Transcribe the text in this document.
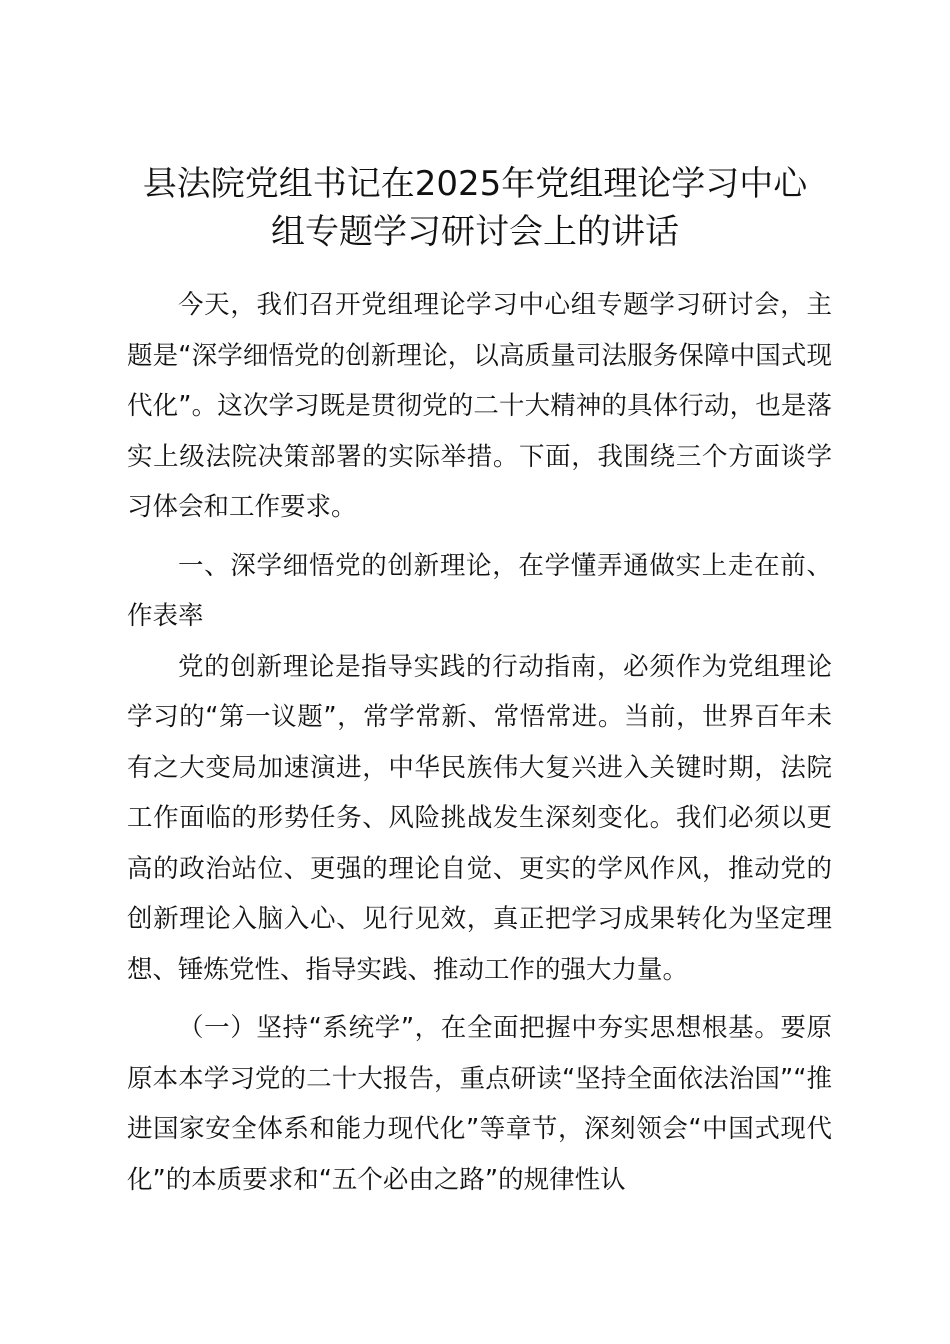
县法院党组书记在2025年党组理论学习中心
组专题学习研讨会上的讲话

今天，我们召开党组理论学习中心组专题学习研讨会，主题是“深学细悟党的创新理论，以高质量司法服务保障中国式现代化”。这次学习既是贯彻党的二十大精神的具体行动，也是落实上级法院决策部署的实际举措。下面，我围绕三个方面谈学习体会和工作要求。

一、深学细悟党的创新理论，在学懂弄通做实上走在前、作表率

党的创新理论是指导实践的行动指南，必须作为党组理论学习的“第一议题”，常学常新、常悟常进。当前，世界百年未有之大变局加速演进，中华民族伟大复兴进入关键时期，法院工作面临的形势任务、风险挑战发生深刻变化。我们必须以更高的政治站位、更强的理论自觉、更实的学风作风，推动党的创新理论入脑入心、见行见效，真正把学习成果转化为坚定理想、锤炼党性、指导实践、推动工作的强大力量。

（一）坚持“系统学”，在全面把握中夯实思想根基。要原原本本学习党的二十大报告，重点研读“坚持全面依法治国”“推进国家安全体系和能力现代化”等章节，深刻领会“中国式现代化”的本质要求和“五个必由之路”的规律性认
